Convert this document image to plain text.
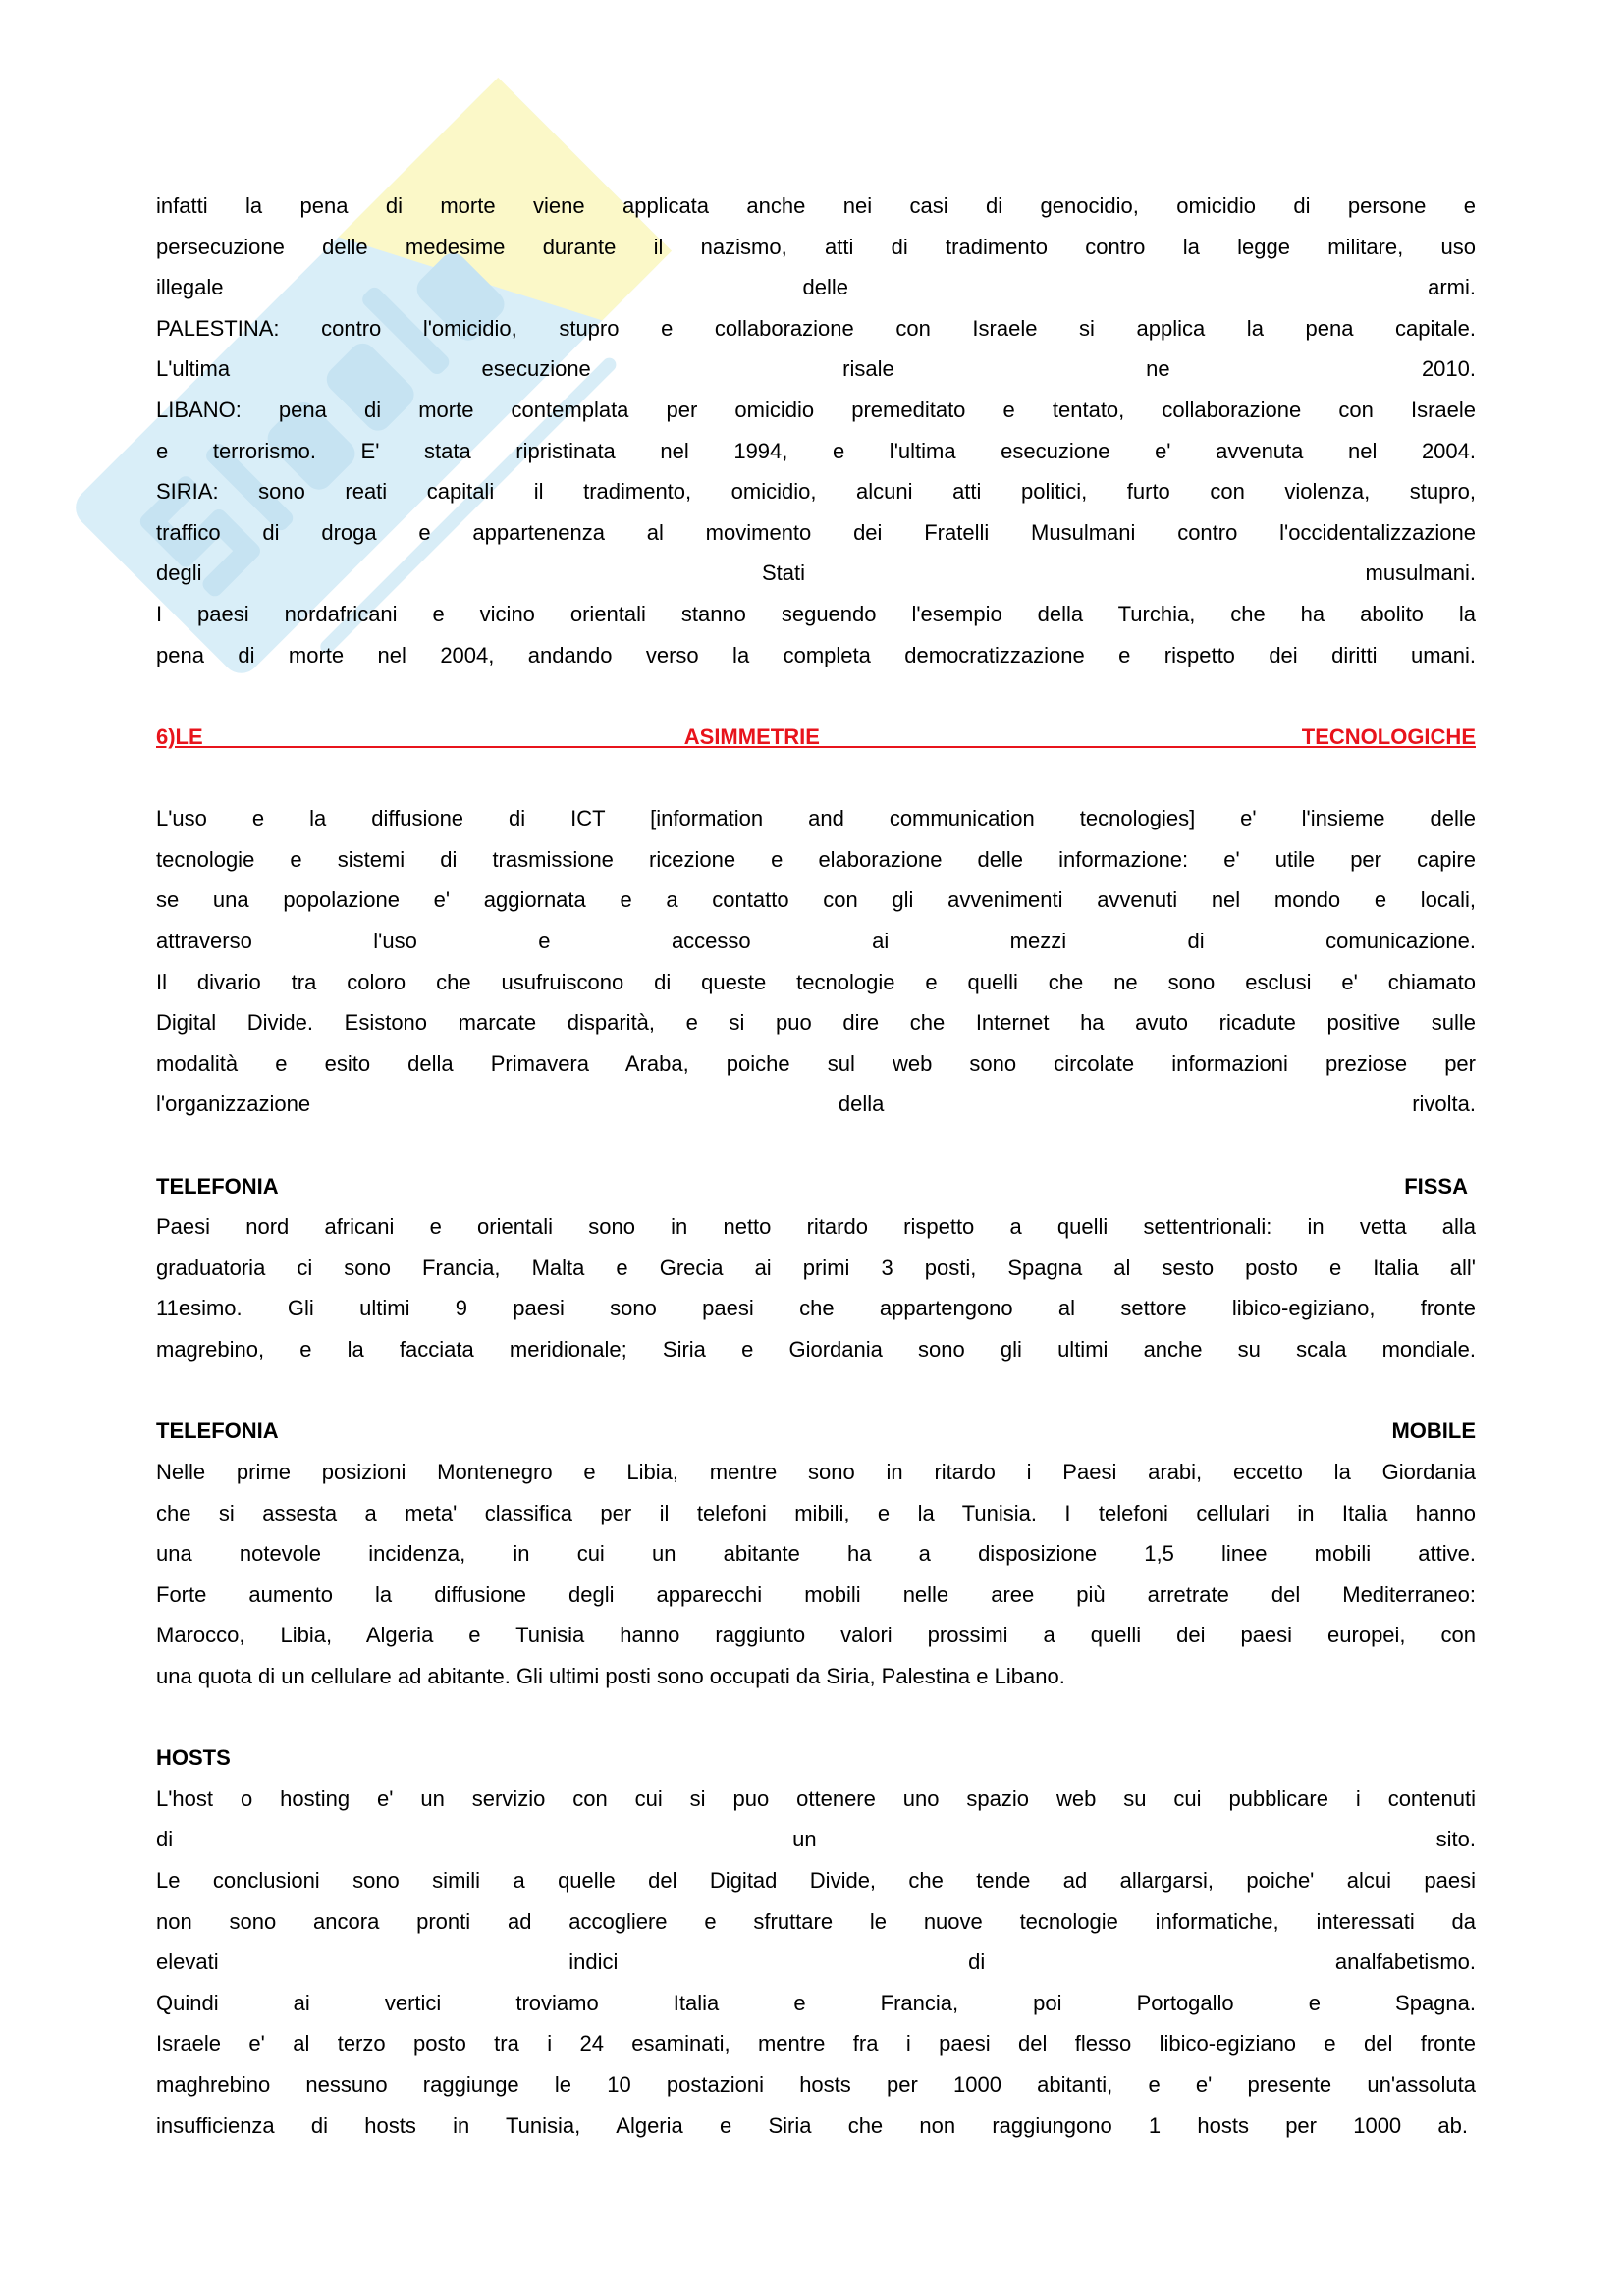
infatti la pena di morte viene applicata anche nei casi di genocidio, omicidio di persone e
persecuzione delle medesime durante il nazismo, atti di tradimento contro la legge militare, uso
illegale delle armi.
PALESTINA: contro l'omicidio, stupro e collaborazione con Israele si applica la pena capitale.
L'ultima esecuzione risale ne 2010.
LIBANO: pena di morte contemplata per omicidio premeditato e tentato, collaborazione con Israele
e terrorismo. E' stata ripristinata nel 1994, e l'ultima esecuzione e' avvenuta nel 2004.
SIRIA: sono reati capitali il tradimento, omicidio, alcuni atti politici, furto con violenza, stupro,
traffico di droga e appartenenza al movimento dei Fratelli Musulmani contro l'occidentalizzazione
degli Stati musulmani.
I paesi nordafricani e vicino orientali stanno seguendo l'esempio della Turchia, che ha abolito la
pena di morte nel 2004, andando verso la completa democratizzazione e rispetto dei diritti umani.
6)LE ASIMMETRIE TECNOLOGICHE
L'uso e la diffusione di ICT [information and communication tecnologies] e' l'insieme delle
tecnologie e sistemi di trasmissione ricezione e elaborazione delle informazione: e' utile per capire
se una popolazione e' aggiornata e a contatto con gli avvenimenti avvenuti nel mondo e locali,
attraverso l'uso e accesso ai mezzi di comunicazione.
Il divario tra coloro che usufruiscono di queste tecnologie e quelli che ne sono esclusi e' chiamato
Digital Divide. Esistono marcate disparità, e si puo dire che Internet ha avuto ricadute positive sulle
modalità e esito della Primavera Araba, poiche sul web sono circolate informazioni preziose per
l'organizzazione della rivolta.
TELEFONIA FISSA
Paesi nord africani e orientali sono in netto ritardo rispetto a quelli settentrionali: in vetta alla
graduatoria ci sono Francia, Malta e Grecia ai primi 3 posti, Spagna al sesto posto e Italia all'
11esimo. Gli ultimi 9 paesi sono paesi che appartengono al settore libico-egiziano, fronte
magrebino, e la facciata meridionale; Siria e Giordania sono gli ultimi anche su scala mondiale.
TELEFONIA MOBILE
Nelle prime posizioni Montenegro e Libia, mentre sono in ritardo i Paesi arabi, eccetto la Giordania
che si assesta a meta' classifica per il telefoni mibili, e la Tunisia. I telefoni cellulari in Italia hanno
una notevole incidenza, in cui un abitante ha a disposizione 1,5 linee mobili attive.
Forte aumento la diffusione degli apparecchi mobili nelle aree più arretrate del Mediterraneo:
Marocco, Libia, Algeria e Tunisia hanno raggiunto valori prossimi a quelli dei paesi europei, con
una quota di un cellulare ad abitante. Gli ultimi posti sono occupati da Siria, Palestina e Libano.
HOSTS
L'host o hosting e' un servizio con cui si puo ottenere uno spazio web su cui pubblicare i contenuti
di un sito.
Le conclusioni sono simili a quelle del Digitad Divide, che tende ad allargarsi, poiche' alcui paesi
non sono ancora pronti ad accogliere e sfruttare le nuove tecnologie informatiche, interessati da
elevati indici di analfabetismo.
Quindi ai vertici troviamo Italia e Francia, poi Portogallo e Spagna.
Israele e' al terzo posto tra i 24 esaminati, mentre fra i paesi del flesso libico-egiziano e del fronte
maghrebino nessuno raggiunge le 10 postazioni hosts per 1000 abitanti, e e' presente un'assoluta
insufficienza di hosts in Tunisia, Algeria e Siria che non raggiungono 1 hosts per 1000 ab.
